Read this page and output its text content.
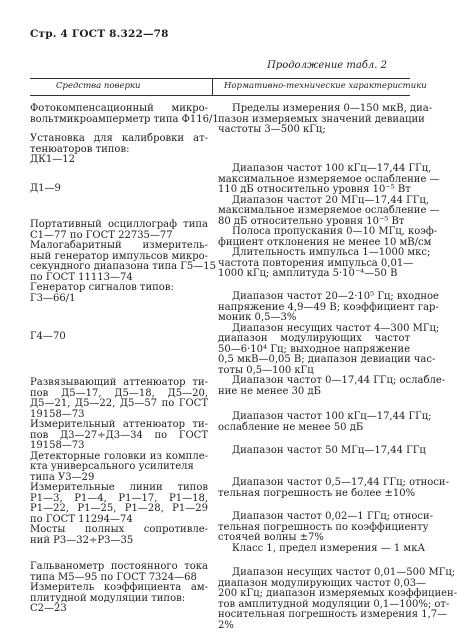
Стр. 4 ГОСТ 8.322—78
Продолжение табл. 2
Средства поверки	Нормативно-технические характеристики
Фотокомпенсационный микро-
вольтмикроамперметр типа Ф116/1
Установка для калибровки ат-
тенюаторов типов:
ДК1—12
Д1—9
Портативный осциллограф типа
С1—77 по ГОСТ 22735—77
Малогабаритный измеритель-
ный генератор импульсов микро-
секундного диапазона типа Г5—15
по ГОСТ 11113—74
Генератор сигналов типов:
Г3—66/1
Г4—70
Развязывающий аттенюатор ти-
пов Д5—17, Д5—18, Д5—20,
Д5—21, Д5—22, Д5—57 по ГОСТ
19158—73
Измерительный аттенюатор ти-
пов Д3—27÷Д3—34 по ГОСТ
19158—73
Детекторные головки из компле-
кта универсального усилителя
типа У3—29
Измерительные линии типов
Р1—3, Р1—4, Р1—17, Р1—18,
Р1—22, Р1—25, Р1—28, Р1—29
по ГОСТ 11294—74
Мосты полных сопротивле-
ний Р3—32÷Р3—35
Гальванометр постоянного тока
типа М5—95 по ГОСТ 7324—68
Измеритель коэффициента ам-
плитудной модуляции типов:
С2—23
Пределы измерения 0—150 мкВ, диа-
пазон измеряемых значений девиации
частоты 3—500 кГц;
Диапазон частот 100 кГц—17,44 ГГц,
максимальное измеряемое ослабление —
110 дБ относительно уровня 10⁻⁵ Вт
Диапазон частот 20 МГц—17,44 ГГц,
максимальное измеряемое ослабление —
80 дБ относительно уровня 10⁻⁵ Вт
Полоса пропускания 0—10 МГц, коэф-
фициент отклонения не менее 10 мВ/см
Длительность импульса 1—1000 мкс;
частота повторения импульса 0,01—
1000 кГц; амплитуда 5·10⁻⁴—50 В
Диапазон частот 20—2·10⁵ Гц; входное
напряжение 4,9—49 В; коэффициент гар-
моник 0,5—3%
Диапазон несущих частот 4—300 МГц;
диапазон модулирующих частот
50—6·10⁴ Гц; выходное напряжение
0,5 мкВ—0,05 В; диапазон девиации час-
тоты 0,5—100 кГц
Диапазон частот 0—17,44 ГГц; ослабле-
ние не менее 30 дБ
Диапазон частот 100 кГц—17,44 ГГц;
ослабление не менее 50 дБ
Диапазон частот 50 МГц—17,44 ГГц
Диапазон частот 0,5—17,44 ГГц; относи-
тельная погрешность не более ±10%
Диапазон частот 0,02—1 ГГц; относи-
тельная погрешность по коэффициенту
стоячей волны ±7%
Класс 1, предел измерения — 1 мкА
Диапазон несущих частот 0,01—500 МГц;
диапазон модулирующих частот 0,03—
200 кГц; диапазон измеряемых коэффициен-
тов амплитудной модуляции 0,1—100%; от-
носительная погрешность измерения 1,7—
2%
